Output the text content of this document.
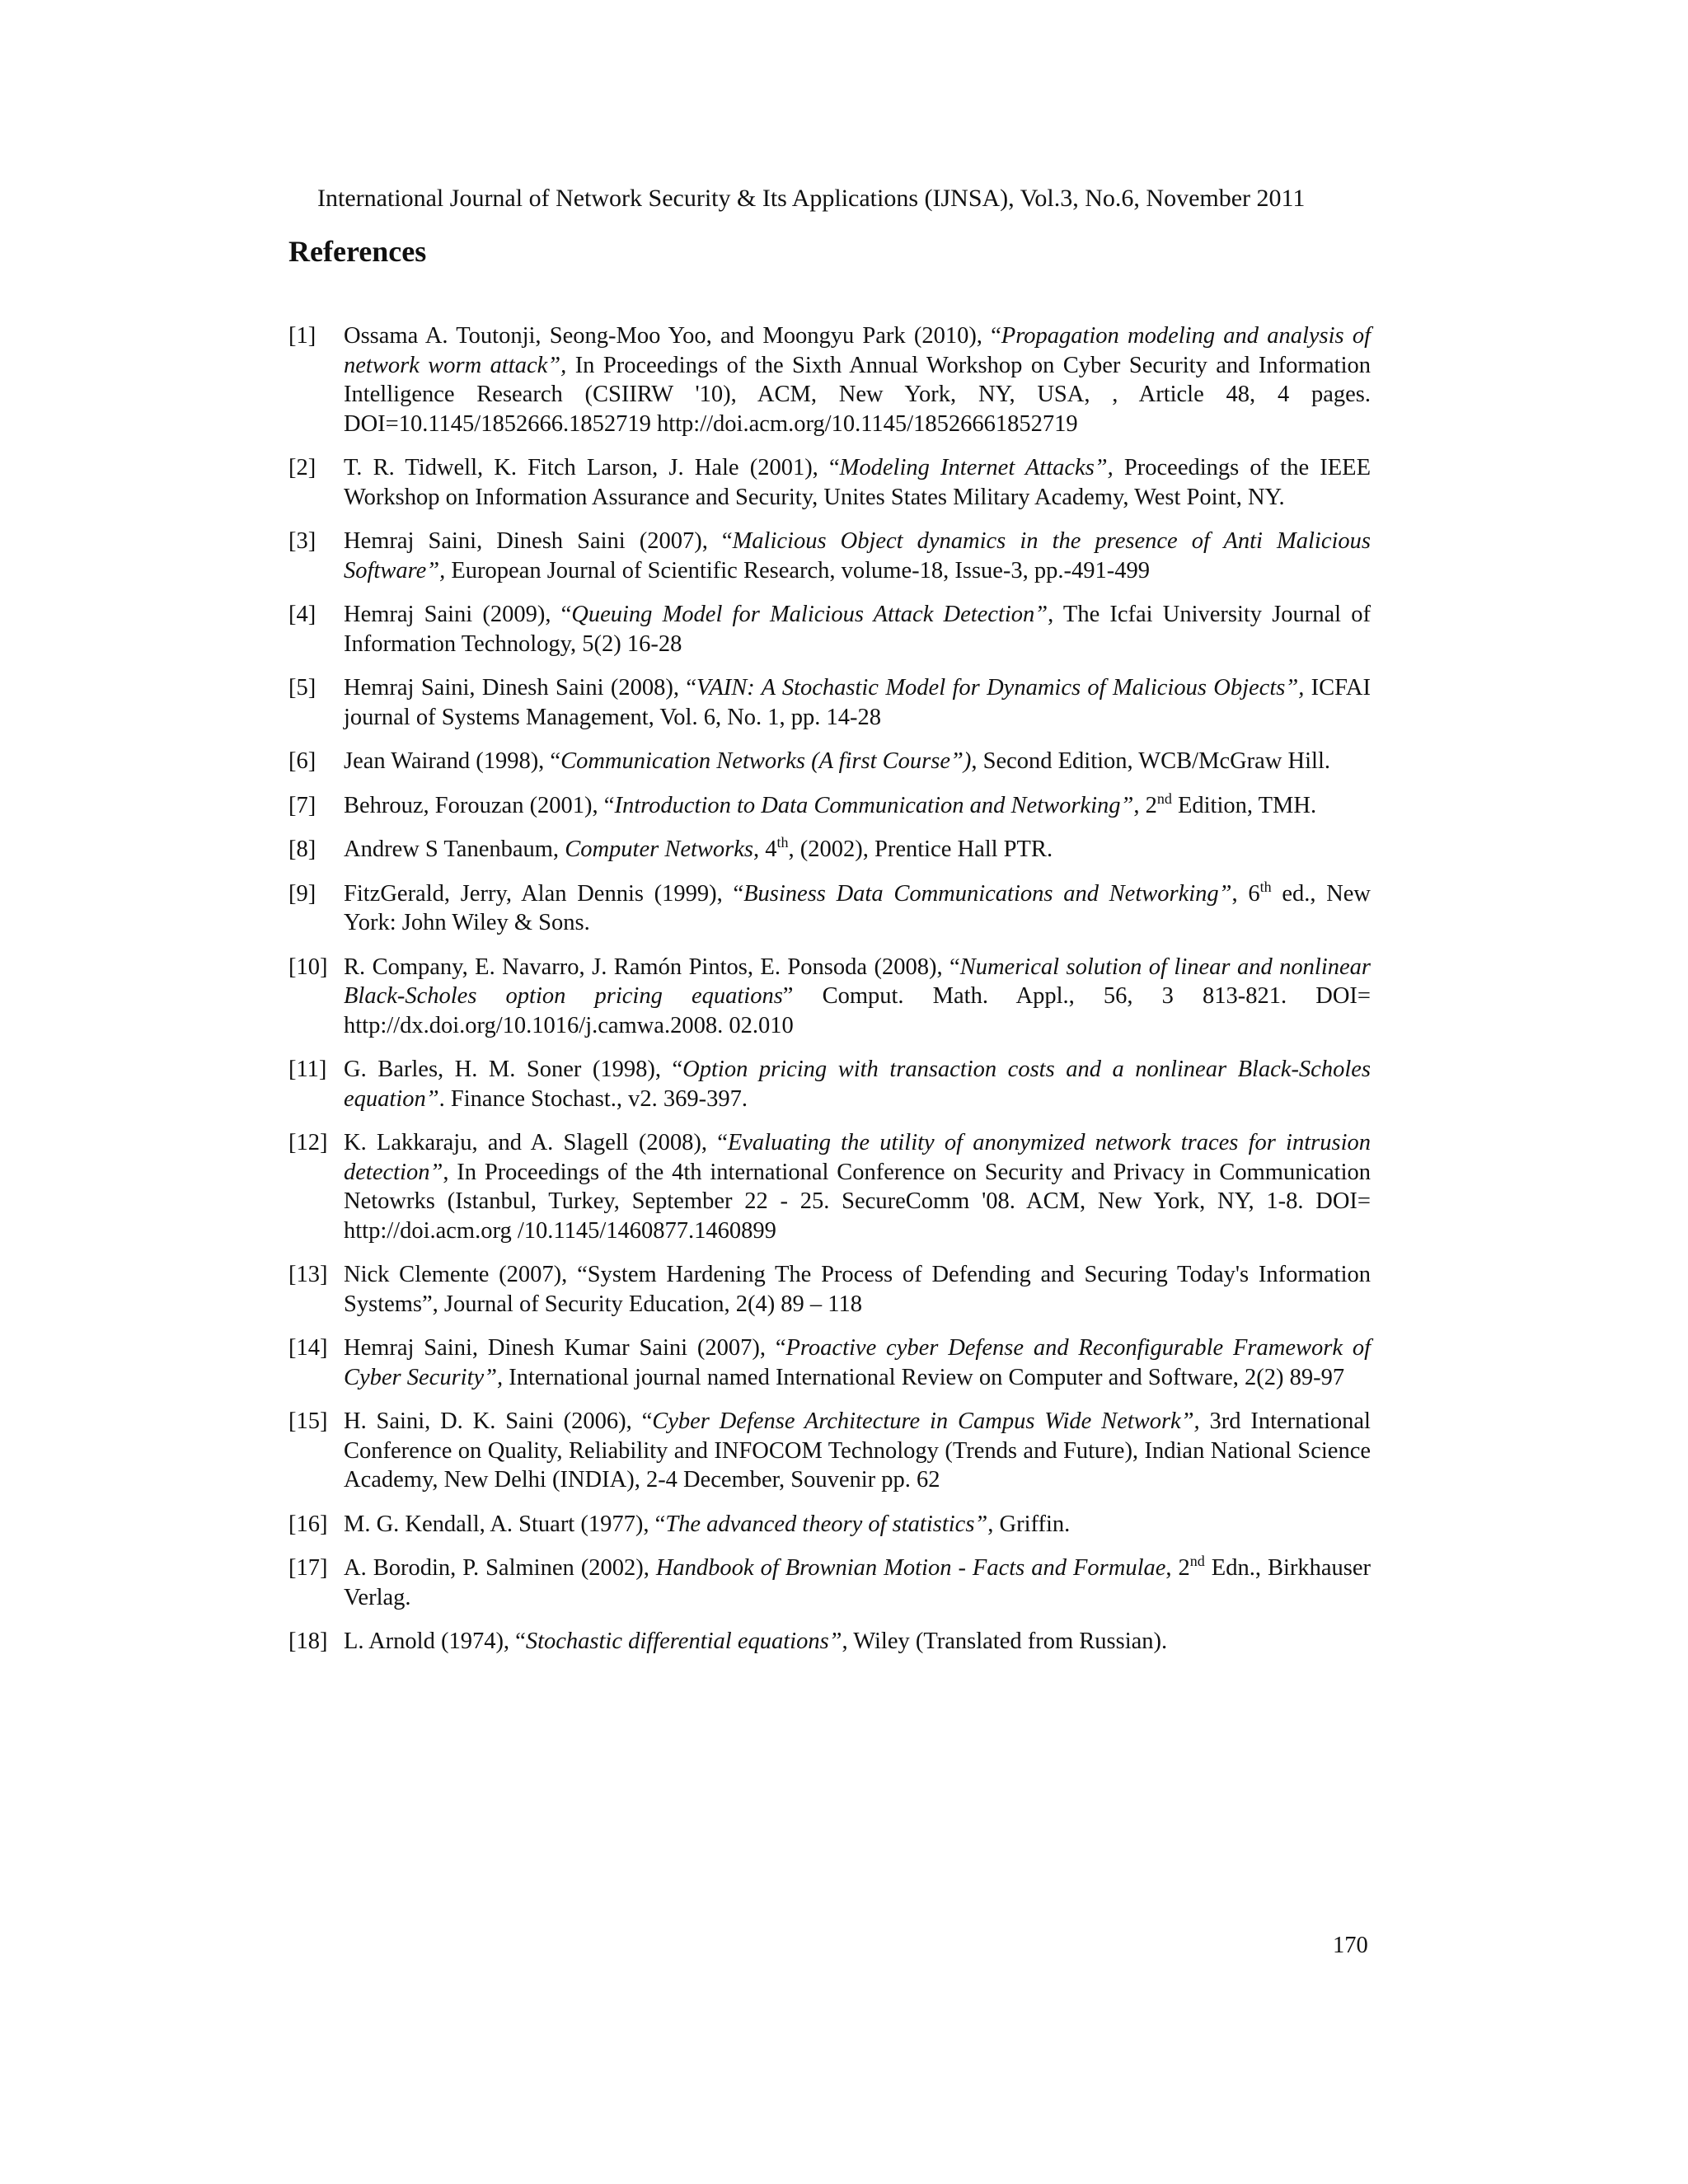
International Journal of Network Security & Its Applications (IJNSA), Vol.3, No.6, November 2011
References
[1] Ossama A. Toutonji, Seong-Moo Yoo, and Moongyu Park (2010), “Propagation modeling and analysis of network worm attack”, In Proceedings of the Sixth Annual Workshop on Cyber Security and Information Intelligence Research (CSIIRW '10), ACM, New York, NY, USA, , Article 48, 4 pages. DOI=10.1145/1852666.1852719 http://doi.acm.org/10.1145/18526661852719
[2] T. R. Tidwell, K. Fitch Larson, J. Hale (2001), “Modeling Internet Attacks”, Proceedings of the IEEE Workshop on Information Assurance and Security, Unites States Military Academy, West Point, NY.
[3] Hemraj Saini, Dinesh Saini (2007), “Malicious Object dynamics in the presence of Anti Malicious Software”, European Journal of Scientific Research, volume-18, Issue-3, pp.-491-499
[4] Hemraj Saini (2009), “Queuing Model for Malicious Attack Detection”, The Icfai University Journal of Information Technology, 5(2) 16-28
[5] Hemraj Saini, Dinesh Saini (2008), “VAIN: A Stochastic Model for Dynamics of Malicious Objects”, ICFAI journal of Systems Management, Vol. 6, No. 1, pp. 14-28
[6] Jean Wairand (1998), “Communication Networks (A first Course”), Second Edition, WCB/McGraw Hill.
[7] Behrouz, Forouzan (2001), “Introduction to Data Communication and Networking”, 2nd Edition, TMH.
[8] Andrew S Tanenbaum, Computer Networks, 4th, (2002), Prentice Hall PTR.
[9] FitzGerald, Jerry, Alan Dennis (1999), “Business Data Communications and Networking”, 6th ed., New York: John Wiley & Sons.
[10] R. Company, E. Navarro, J. Ramón Pintos, E. Ponsoda (2008), “Numerical solution of linear and nonlinear Black-Scholes option pricing equations” Comput. Math. Appl., 56, 3 813-821. DOI= http://dx.doi.org/10.1016/j.camwa.2008. 02.010
[11] G. Barles, H. M. Soner (1998), “Option pricing with transaction costs and a nonlinear Black-Scholes equation”. Finance Stochast., v2. 369-397.
[12] K. Lakkaraju, and A. Slagell (2008), “Evaluating the utility of anonymized network traces for intrusion detection”, In Proceedings of the 4th international Conference on Security and Privacy in Communication Netowrks (Istanbul, Turkey, September 22 - 25. SecureComm '08. ACM, New York, NY, 1-8. DOI= http://doi.acm.org /10.1145/1460877.1460899
[13] Nick Clemente (2007), “System Hardening The Process of Defending and Securing Today's Information Systems”, Journal of Security Education, 2(4) 89 – 118
[14] Hemraj Saini, Dinesh Kumar Saini (2007), “Proactive cyber Defense and Reconfigurable Framework of Cyber Security”, International journal named International Review on Computer and Software, 2(2) 89-97
[15] H. Saini, D. K. Saini (2006), “Cyber Defense Architecture in Campus Wide Network”, 3rd International Conference on Quality, Reliability and INFOCOM Technology (Trends and Future), Indian National Science Academy, New Delhi (INDIA), 2-4 December, Souvenir pp. 62
[16] M. G. Kendall, A. Stuart (1977), “The advanced theory of statistics”, Griffin.
[17] A. Borodin, P. Salminen (2002), Handbook of Brownian Motion - Facts and Formulae, 2nd Edn., Birkhauser Verlag.
[18] L. Arnold (1974), “Stochastic differential equations”, Wiley (Translated from Russian).
170
